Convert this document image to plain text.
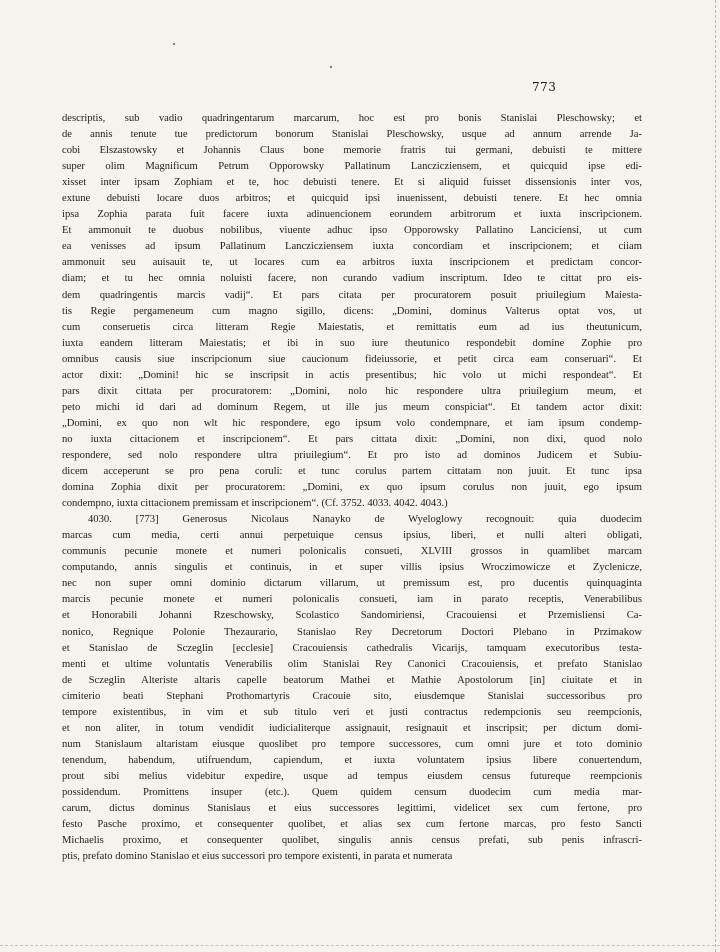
773
descriptis, sub vadio quadringentarum marcarum, hoc est pro bonis Stanislai Pleschowsky; et
de annis tenute tue predictorum bonorum Stanislai Pleschowsky, usque ad annum arrende Ja-
cobi Elszastowsky et Johannis Claus bone memorie fratris tui germani, debuisti te mittere
super olim Magnificum Petrum Opporowsky Pallatinum Lanczicziensem, et quicquid ipse edi-
xisset inter ipsam Zophiam et te, hoc debuisti tenere. Et si aliquid fuisset dissensionis inter vos,
extune debuisti locare duos arbitros; et quicquid ipsi inuenissent, debuisti tenere. Et hec omnia
ipsa Zophia parata fuit facere iuxta adinuencionem eorundem arbitrorum et iuxta inscripcionem.
Et ammonuit te duobus nobilibus, viuente adhuc ipso Opporowsky Pallatino Lanciciensi, ut cum
ea venisses ad ipsum Pallatinum Lanczicziensem iuxta concordiam et inscripcionem; et ciiam
ammonuit seu auisauit te, ut locares cum ea arbitros iuxta inscripcionem et predictam concor-
diam; et tu hec omnia noluisti facere, non curando vadium inscriptum. Ideo te cittat pro eis-
dem quadringentis marcis vadij“. Et pars citata per procuratorem posuit priuilegium Maiesta-
tis Regie pergameneum cum magno sigillo, dicens: „Domini, dominus Valterus optat vos, ut
cum conseruetis circa litteram Regie Maiestatis, et remittatis eum ad ius theutunicum,
iuxta eandem litteram Maiestatis; et ibi in suo iure theutunico respondebit domine Zophie pro
omnibus causis siue inscripcionum siue caucionum fideiussorie, et petit circa eam conseruari“. Et
actor dixit: „Domini! hic se inscripsit in actis presentibus; hic volo ut michi respondeat“. Et
pars dixit cittata per procuratorem: „Domini, nolo hic respondere ultra priuilegium meum, et
peto michi id dari ad dominum Regem, ut ille jus meum conspiciat“. Et tandem actor dixit:
„Domini, ex quo non wlt hic respondere, ego ipsum volo condempnare, et iam ipsum condemp-
no iuxta cittacionem et inscripcionem“. Et pars cittata dixit: „Domini, non dixi, quod nolo
respondere, sed nolo respondere ultra priuilegium“. Et pro isto ad dominos Judicem et Subiu-
dicem acceperunt se pro pena coruli: et tunc corulus partem cittatam non juuit. Et tunc ipsa
domina Zophia dixit per procuratorem: „Domini, ex quo ipsum corulus non juuit, ego ipsum
condempno, iuxta cittacionem premissam et inscripcionem“. (Cf. 3752. 4033. 4042. 4043.)
4030. [773] Generosus Nicolaus Nanayko de Wyeloglowy recognouit: quia duodecim
marcas cum media, certi annui perpetuique census ipsius, liberi, et nulli alteri obligati,
communis pecunie monete et numeri polonicalis consueti, XLVIII grossos in quamlibet marcam
computando, annis singulis et continuis, in et super villis ipsius Wroczimowicze et Zyclenicze,
nec non super omni dominio dictarum villarum, ut premissum est, pro ducentis quinquaginta
marcis pecunie monete et numeri polonicalis consueti, iam in parato receptis, Venerabilibus
et Honorabili Johanni Rzeschowsky, Scolastico Sandomiriensi, Cracouiensi et Przemisliensi Ca-
nonico, Regnique Polonie Thezaurario, Stanislao Rey Decretorum Doctori Plebano in Przimakow
et Stanislao de Sczeglin [ecclesie] Cracouiensis cathedralis Vicarijs, tamquam executoribus testa-
menti et ultime voluntatis Venerabilis olim Stanislai Rey Canonici Cracouiensis, et prefato Stanislao
de Sczeglin Alteriste altaris capelle beatorum Mathei et Mathie Apostolorum [in] ciuitate et in
cimiterio beati Stephani Prothomartyris Cracouie sito, eiusdemque Stanislai successoribus pro
tempore existentibus, in vim et sub titulo veri et justi contractus redempcionis seu reempcionis,
et non aliter, in totum vendidit iudicialiterque assignauit, resignauit et inscripsit; per dictum domi-
num Stanislaum altaristam eiusque quoslibet pro tempore successores, cum omni jure et toto dominio
tenendum, habendum, utifruendum, capiendum, et iuxta voluntatem ipsius libere conuertendum,
prout sibi melius videbitur expedire, usque ad tempus eiusdem census futureque reempcionis
possidendum. Promittens insuper (etc.). Quem quidem censum duodecim cum media mar-
carum, dictus dominus Stanislaus et eius successores legittimi, videlicet sex cum fertone, pro
festo Pasche proximo, et consequenter quolibet, et alias sex cum fertone marcas, pro festo Sancti
Michaelis proximo, et consequenter quolibet, singulis annis census prefati, sub penis infrascri-
ptis, prefato domino Stanislao et eius successori pro tempore existenti, in parata et numerata
